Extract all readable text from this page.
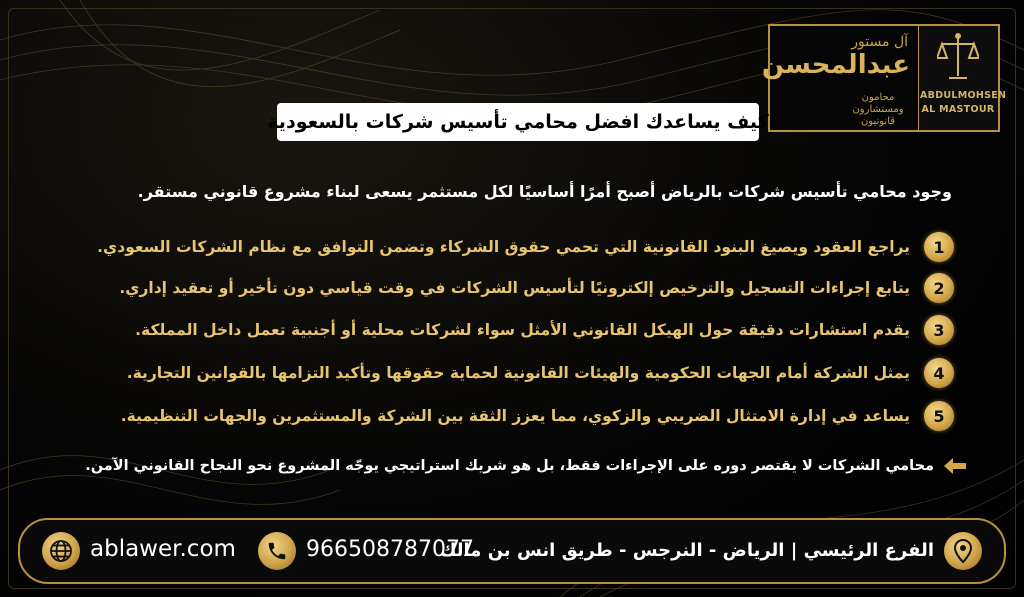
آل مستور
عبدالمحسن
محامون
ومستشارون
قانونيون
ABDULMOHSEN
AL MASTOUR
كيف يساعدك افضل محامي تأسيس شركات بالسعودية
وجود محامي تأسيس شركات بالرياض أصبح أمرًا أساسيًا لكل مستثمر يسعى لبناء مشروع قانوني مستقر.
1
يراجع العقود ويصيغ البنود القانونية التي تحمي حقوق الشركاء وتضمن التوافق مع نظام الشركات السعودي.
2
يتابع إجراءات التسجيل والترخيص إلكترونيًا لتأسيس الشركات في وقت قياسي دون تأخير أو تعقيد إداري.
3
يقدم استشارات دقيقة حول الهيكل القانوني الأمثل سواء لشركات محلية أو أجنبية تعمل داخل المملكة.
4
يمثل الشركة أمام الجهات الحكومية والهيئات القانونية لحماية حقوقها وتأكيد التزامها بالقوانين التجارية.
5
يساعد في إدارة الامتثال الضريبي والزكوي، مما يعزز الثقة بين الشركة والمستثمرين والجهات التنظيمية.
محامي الشركات لا يقتصر دوره على الإجراءات فقط، بل هو شريك استراتيجي يوجّه المشروع نحو النجاح القانوني الآمن.
ablawer.com	966508787077
الفرع الرئيسي | الرياض - النرجس - طريق انس بن مالك
